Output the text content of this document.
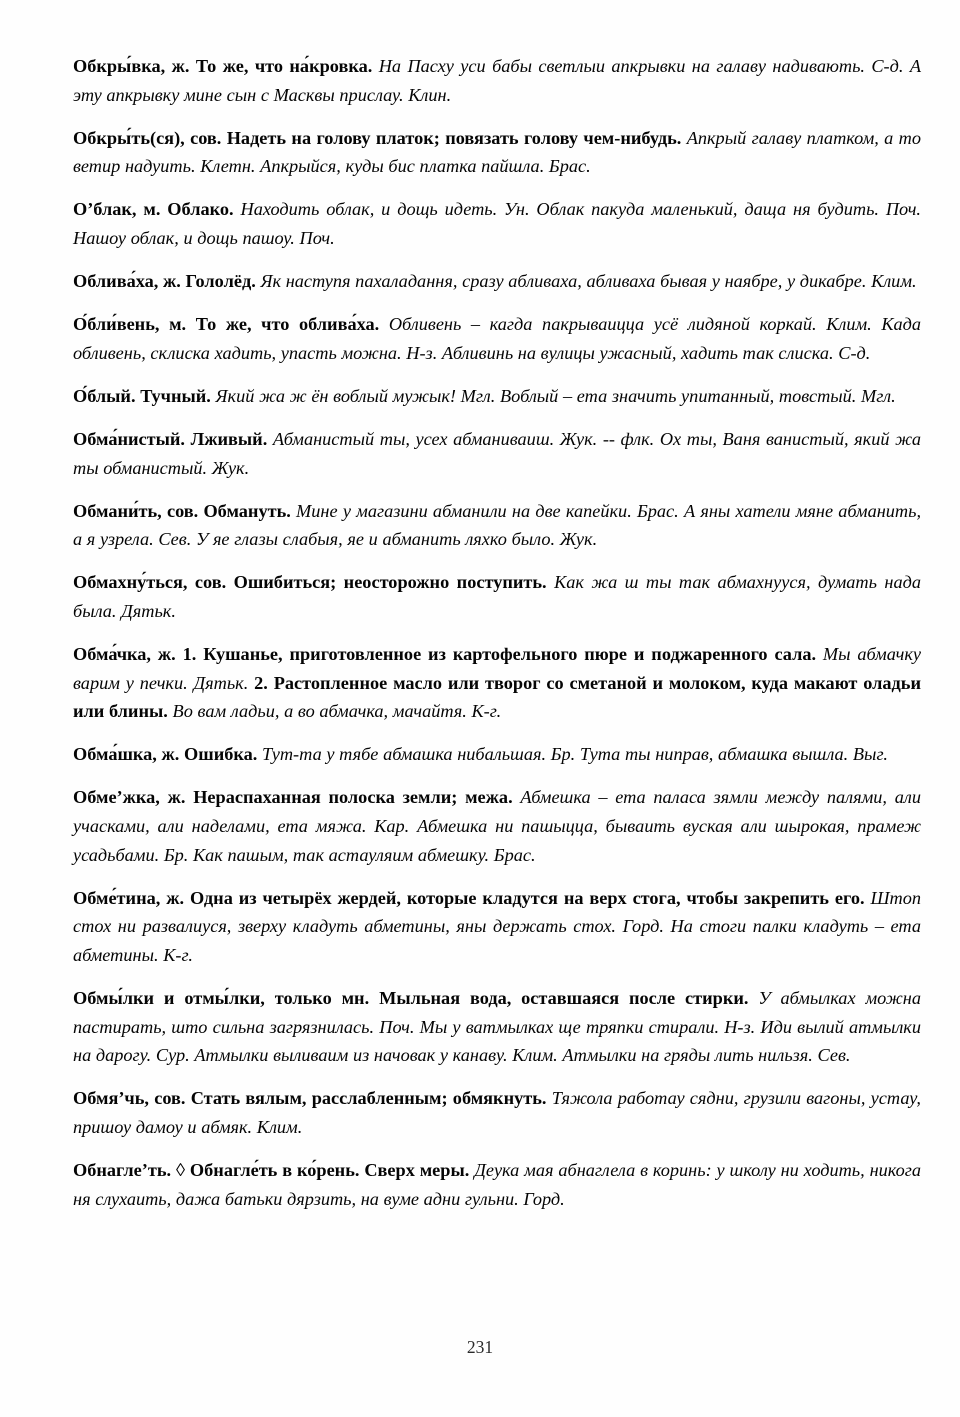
Обкры́вка, ж. То же, что на́кровка. На Пасху уси бабы светлыи апкрывки на галаву надивають. С-д. А эту апкрывку мине сын с Масквы прислау. Клин.

Обкры́ть(ся), сов. Надеть на голову платок; повязать голову чем-нибудь. Апкрый галаву платком, а то ветир надуить. Клетн. Апкрыйся, куды бис платка пайшла. Брас.

О’блак, м. Облако. Находить облак, и дощь идеть. Ун. Облак пакуда маленький, даща ня будить. Поч. Нашоу облак, и дощь пашоу. Поч.

Облива́ха, ж. Гололёд. Як наступя пахаладання, сразу абливаха, абливаха бывая у наябре, у дикабре. Клим.

О́бли́вень, м. То же, что облива́ха. Обливень – кагда пакрываицца усё лидяной коркай. Клим. Када обливень, склиска хадить, упасть можна. Н-з. Абливинь на вулицы ужасный, хадить так слиска. С-д.

О́блый. Тучный. Який жа ж ён воблый мужык! Мгл. Воблый – ета значить упитанный, товстый. Мгл.

Обма́нистый. Лживый. Абманистый ты, усех абманиваиш. Жук. -- флк. Ох ты, Ваня ванистый, який жа ты обманистый. Жук.

Обмани́ть, сов. Обмануть. Мине у магазини абманили на две капейки. Брас. А яны хатели мяне абманить, а я узрела. Сев. У яе глазы слабыя, яе и абманить ляхко было. Жук.

Обмахну́ться, сов. Ошибиться; неосторожно поступить. Как жа ш ты так абмахнууся, думать нада была. Дятьк.

Обма́чка, ж. 1. Кушанье, приготовленное из картофельного пюре и поджаренного сала. Мы абмачку варим у печки. Дятьк. 2. Растопленное масло или творог со сметаной и молоком, куда макают оладьи или блины. Во вам ладьи, а во абмачка, мачайтя. К-г.

Обма́шка, ж. Ошибка. Тут-та у тябе абмашка нибальшая. Бр. Тута ты ниправ, абмашка вышла. Выг.

Обме’жка, ж. Нераспаханная полоска земли; межа. Абмешка – ета паласа зямли между палями, али учасками, али наделами, ета мяжа. Кар. Абмешка ни пашыцца, бывaить вуская али шырокая, прамеж усадьбами. Бр. Как пашым, так астауляим абмешку. Брас.

Обме́тина, ж. Одна из четырёх жердей, которые кладутся на верх стога, чтобы закрепить его. Штоп стох ни развалиуся, зверху кладуть абметины, яны держать стох. Горд. На стоги палки кладуть – ета абметины. К-г.

Обмы́лки и отмы́лки, только мн. Мыльная вода, оставшаяся после стирки. У абмылках можна пастирать, што сильна загрязнилась. Поч. Мы у ватмылках ще тряпки стирали. Н-з. Иди вылий атмылки на дарогу. Сур. Атмылки выливаим из начовак у канаву. Клим. Атмылки на гряды лить нильзя. Сев.

Обмя’чь, сов. Стать вялым, расслабленным; обмякнуть. Тяжола работау сядни, грузили вагоны, устау, пришоу дамоу и абмяк. Клим.

Обнагле’ть. ◊ Обнагле́ть в ко́рень. Сверх меры. Деука мая абнаглела в коринь: у школу ни ходить, никога ня слухаить, дажа батьки дярзить, на вуме адни гульни. Горд.

231
